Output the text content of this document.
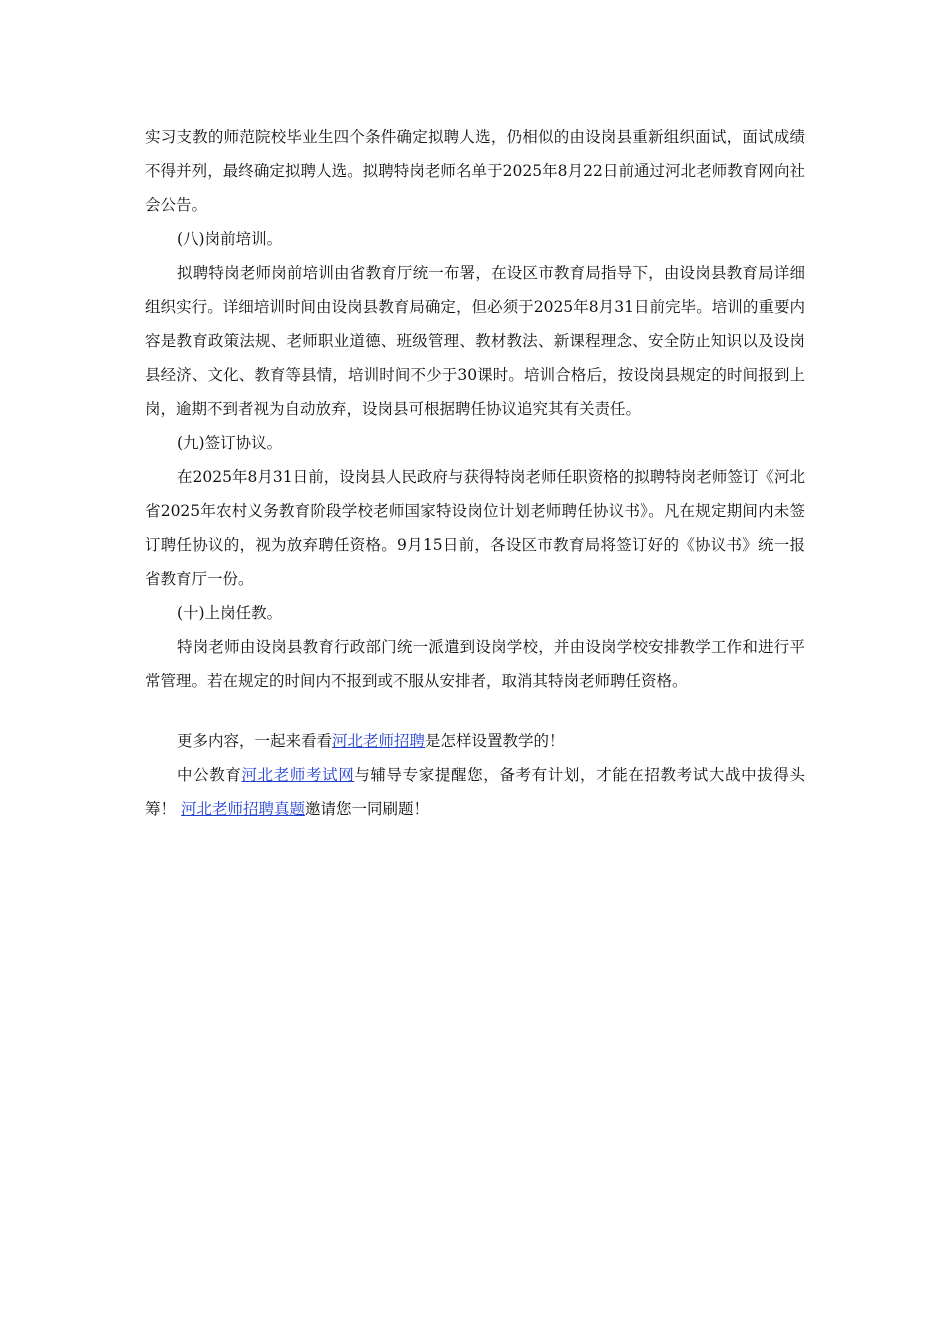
实习支教的师范院校毕业生四个条件确定拟聘人选，仍相似的由设岗县重新组织面试，面试成绩不得并列，最终确定拟聘人选。拟聘特岗老师名单于2025年8月22日前通过河北老师教育网向社会公告。

(八)岗前培训。

拟聘特岗老师岗前培训由省教育厅统一布署，在设区市教育局指导下，由设岗县教育局详细组织实行。详细培训时间由设岗县教育局确定，但必须于2025年8月31日前完毕。培训的重要内容是教育政策法规、老师职业道德、班级管理、教材教法、新课程理念、安全防止知识以及设岗县经济、文化、教育等县情，培训时间不少于30课时。培训合格后，按设岗县规定的时间报到上岗，逾期不到者视为自动放弃，设岗县可根据聘任协议追究其有关责任。

(九)签订协议。

在2025年8月31日前，设岗县人民政府与获得特岗老师任职资格的拟聘特岗老师签订《河北省2025年农村义务教育阶段学校老师国家特设岗位计划老师聘任协议书》。凡在规定期间内未签订聘任协议的，视为放弃聘任资格。9月15日前，各设区市教育局将签订好的《协议书》统一报省教育厅一份。

(十)上岗任教。

特岗老师由设岗县教育行政部门统一派遣到设岗学校，并由设岗学校安排教学工作和进行平常管理。若在规定的时间内不报到或不服从安排者，取消其特岗老师聘任资格。

更多内容，一起来看看河北老师招聘是怎样设置教学的！

中公教育河北老师考试网与辅导专家提醒您，备考有计划，才能在招教考试大战中拔得头筹！ 河北老师招聘真题邀请您一同刷题！
